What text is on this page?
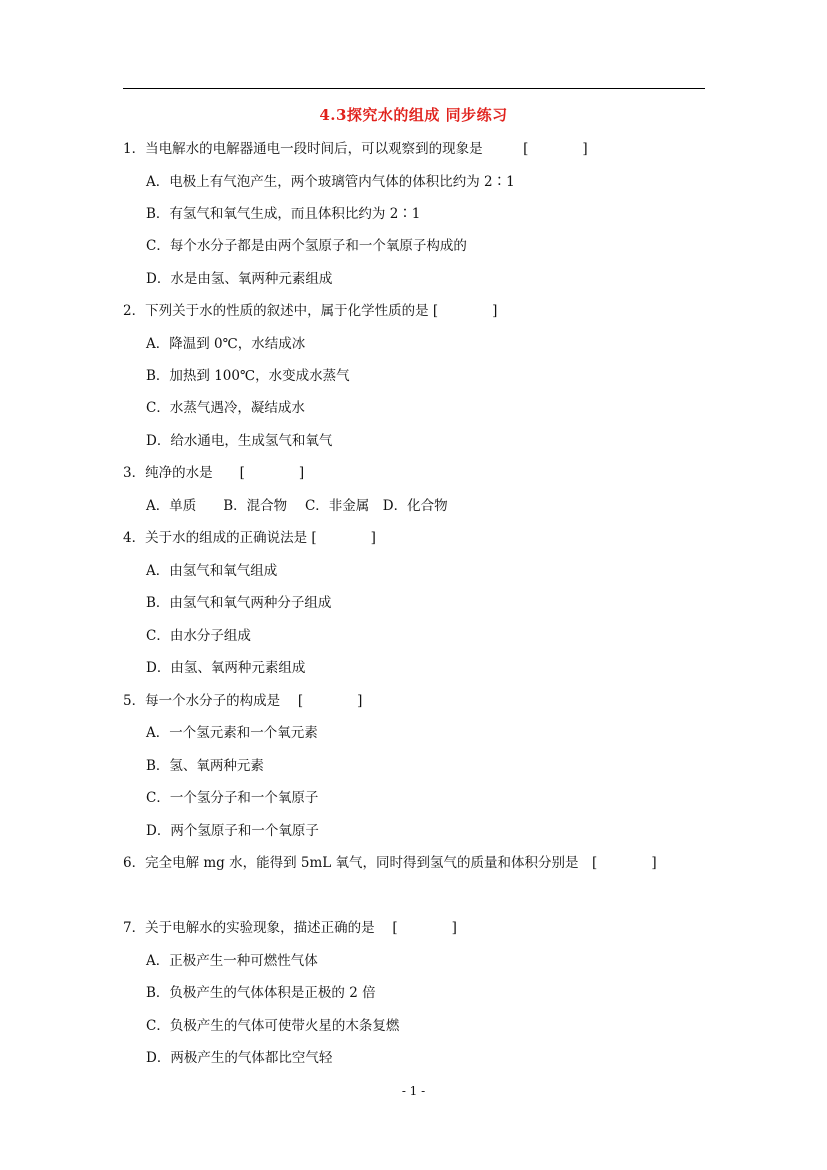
4.3探究水的组成 同步练习
1．当电解水的电解器通电一段时间后，可以观察到的现象是　　　[　　　　]
A．电极上有气泡产生，两个玻璃管内气体的体积比约为 2∶1
B．有氢气和氧气生成，而且体积比约为 2∶1
C．每个水分子都是由两个氢原子和一个氧原子构成的
D．水是由氢、氧两种元素组成
2．下列关于水的性质的叙述中，属于化学性质的是 [　　　　]
A．降温到 0℃，水结成冰
B．加热到 100℃，水变成水蒸气
C．水蒸气遇冷，凝结成水
D．给水通电，生成氢气和氧气
3．纯净的水是　　[　　　　]
A．单质　　B．混合物　 C．非金属　D．化合物
4．关于水的组成的正确说法是 [　　　　]
A．由氢气和氧气组成
B．由氢气和氧气两种分子组成
C．由水分子组成
D．由氢、氧两种元素组成
5．每一个水分子的构成是　 [　　　　]
A．一个氢元素和一个氧元素
B．氢、氧两种元素
C．一个氢分子和一个氧原子
D．两个氢原子和一个氧原子
6．完全电解 mg 水，能得到 5mL 氧气，同时得到氢气的质量和体积分别是　[　　　　]
7．关于电解水的实验现象，描述正确的是　 [　　　　]
A．正极产生一种可燃性气体
B．负极产生的气体体积是正极的 2 倍
C．负极产生的气体可使带火星的木条复燃
D．两极产生的气体都比空气轻
- 1 -
